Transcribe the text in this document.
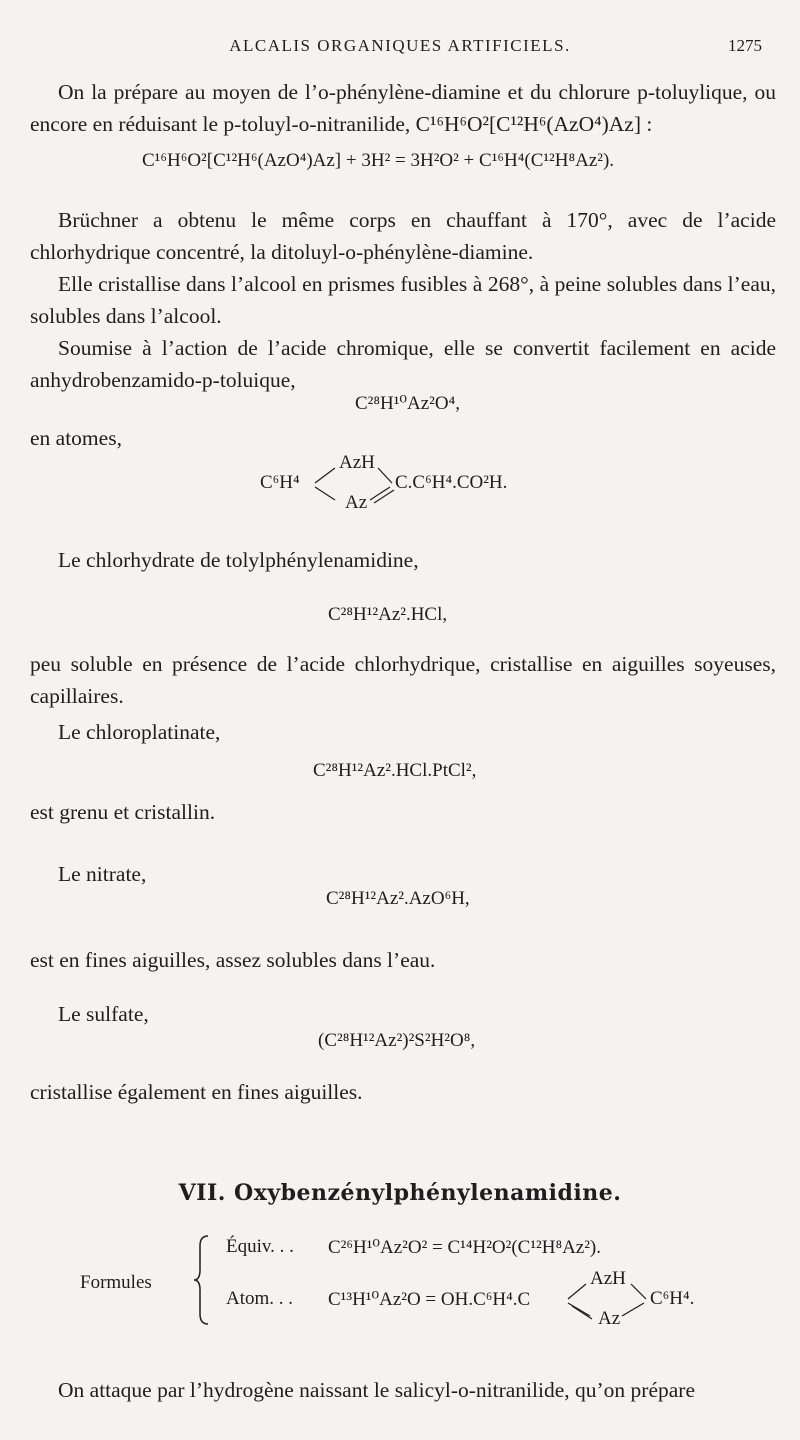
ALCALIS ORGANIQUES ARTIFICIELS.	1275

On la prépare au moyen de l’o-phénylène-diamine et du chlorure p-toluylique, ou encore en réduisant le p-toluyl-o-nitranilide, C¹⁶H⁶O²[C¹²H⁶(AzO⁴)Az] :

C¹⁶H⁶O²[C¹²H⁶(AzO⁴)Az] + 3H² = 3H²O² + C¹⁶H⁴(C¹²H⁸Az²).

Brüchner a obtenu le même corps en chauffant à 170°, avec de l’acide chlorhydrique concentré, la ditoluyl-o-phénylène-diamine.

Elle cristallise dans l’alcool en prismes fusibles à 268°, à peine solubles dans l’eau, solubles dans l’alcool.

Soumise à l’action de l’acide chromique, elle se convertit facilement en acide anhydrobenzamido-p-toluique,

C²⁸H¹⁰Az²O⁴,
en atomes,
C⁶H⁴
AzH
Az
C.C⁶H⁴.CO²H.
Le chlorhydrate de tolylphénylenamidine,
C²⁸H¹²Az².HCl,

peu soluble en présence de l’acide chlorhydrique, cristallise en aiguilles soyeuses, capillaires.

Le chloroplatinate,
C²⁸H¹²Az².HCl.PtCl²,
est grenu et cristallin.
Le nitrate,
C²⁸H¹²Az².AzO⁶H,
est en fines aiguilles, assez solubles dans l’eau.
Le sulfate,
(C²⁸H¹²Az²)²S²H²O⁸,
cristallise également en fines aiguilles.
VII. Oxybenzénylphénylenamidine.
Formules
Équiv. . . C²⁶H¹⁰Az²O² = C¹⁴H²O²(C¹²H⁸Az²).
Atom. . . C¹³H¹⁰Az²O = OH.C⁶H⁴.C
AzH
Az
C⁶H⁴.
On attaque par l’hydrogène naissant le salicyl-o-nitranilide, qu’on prépare
